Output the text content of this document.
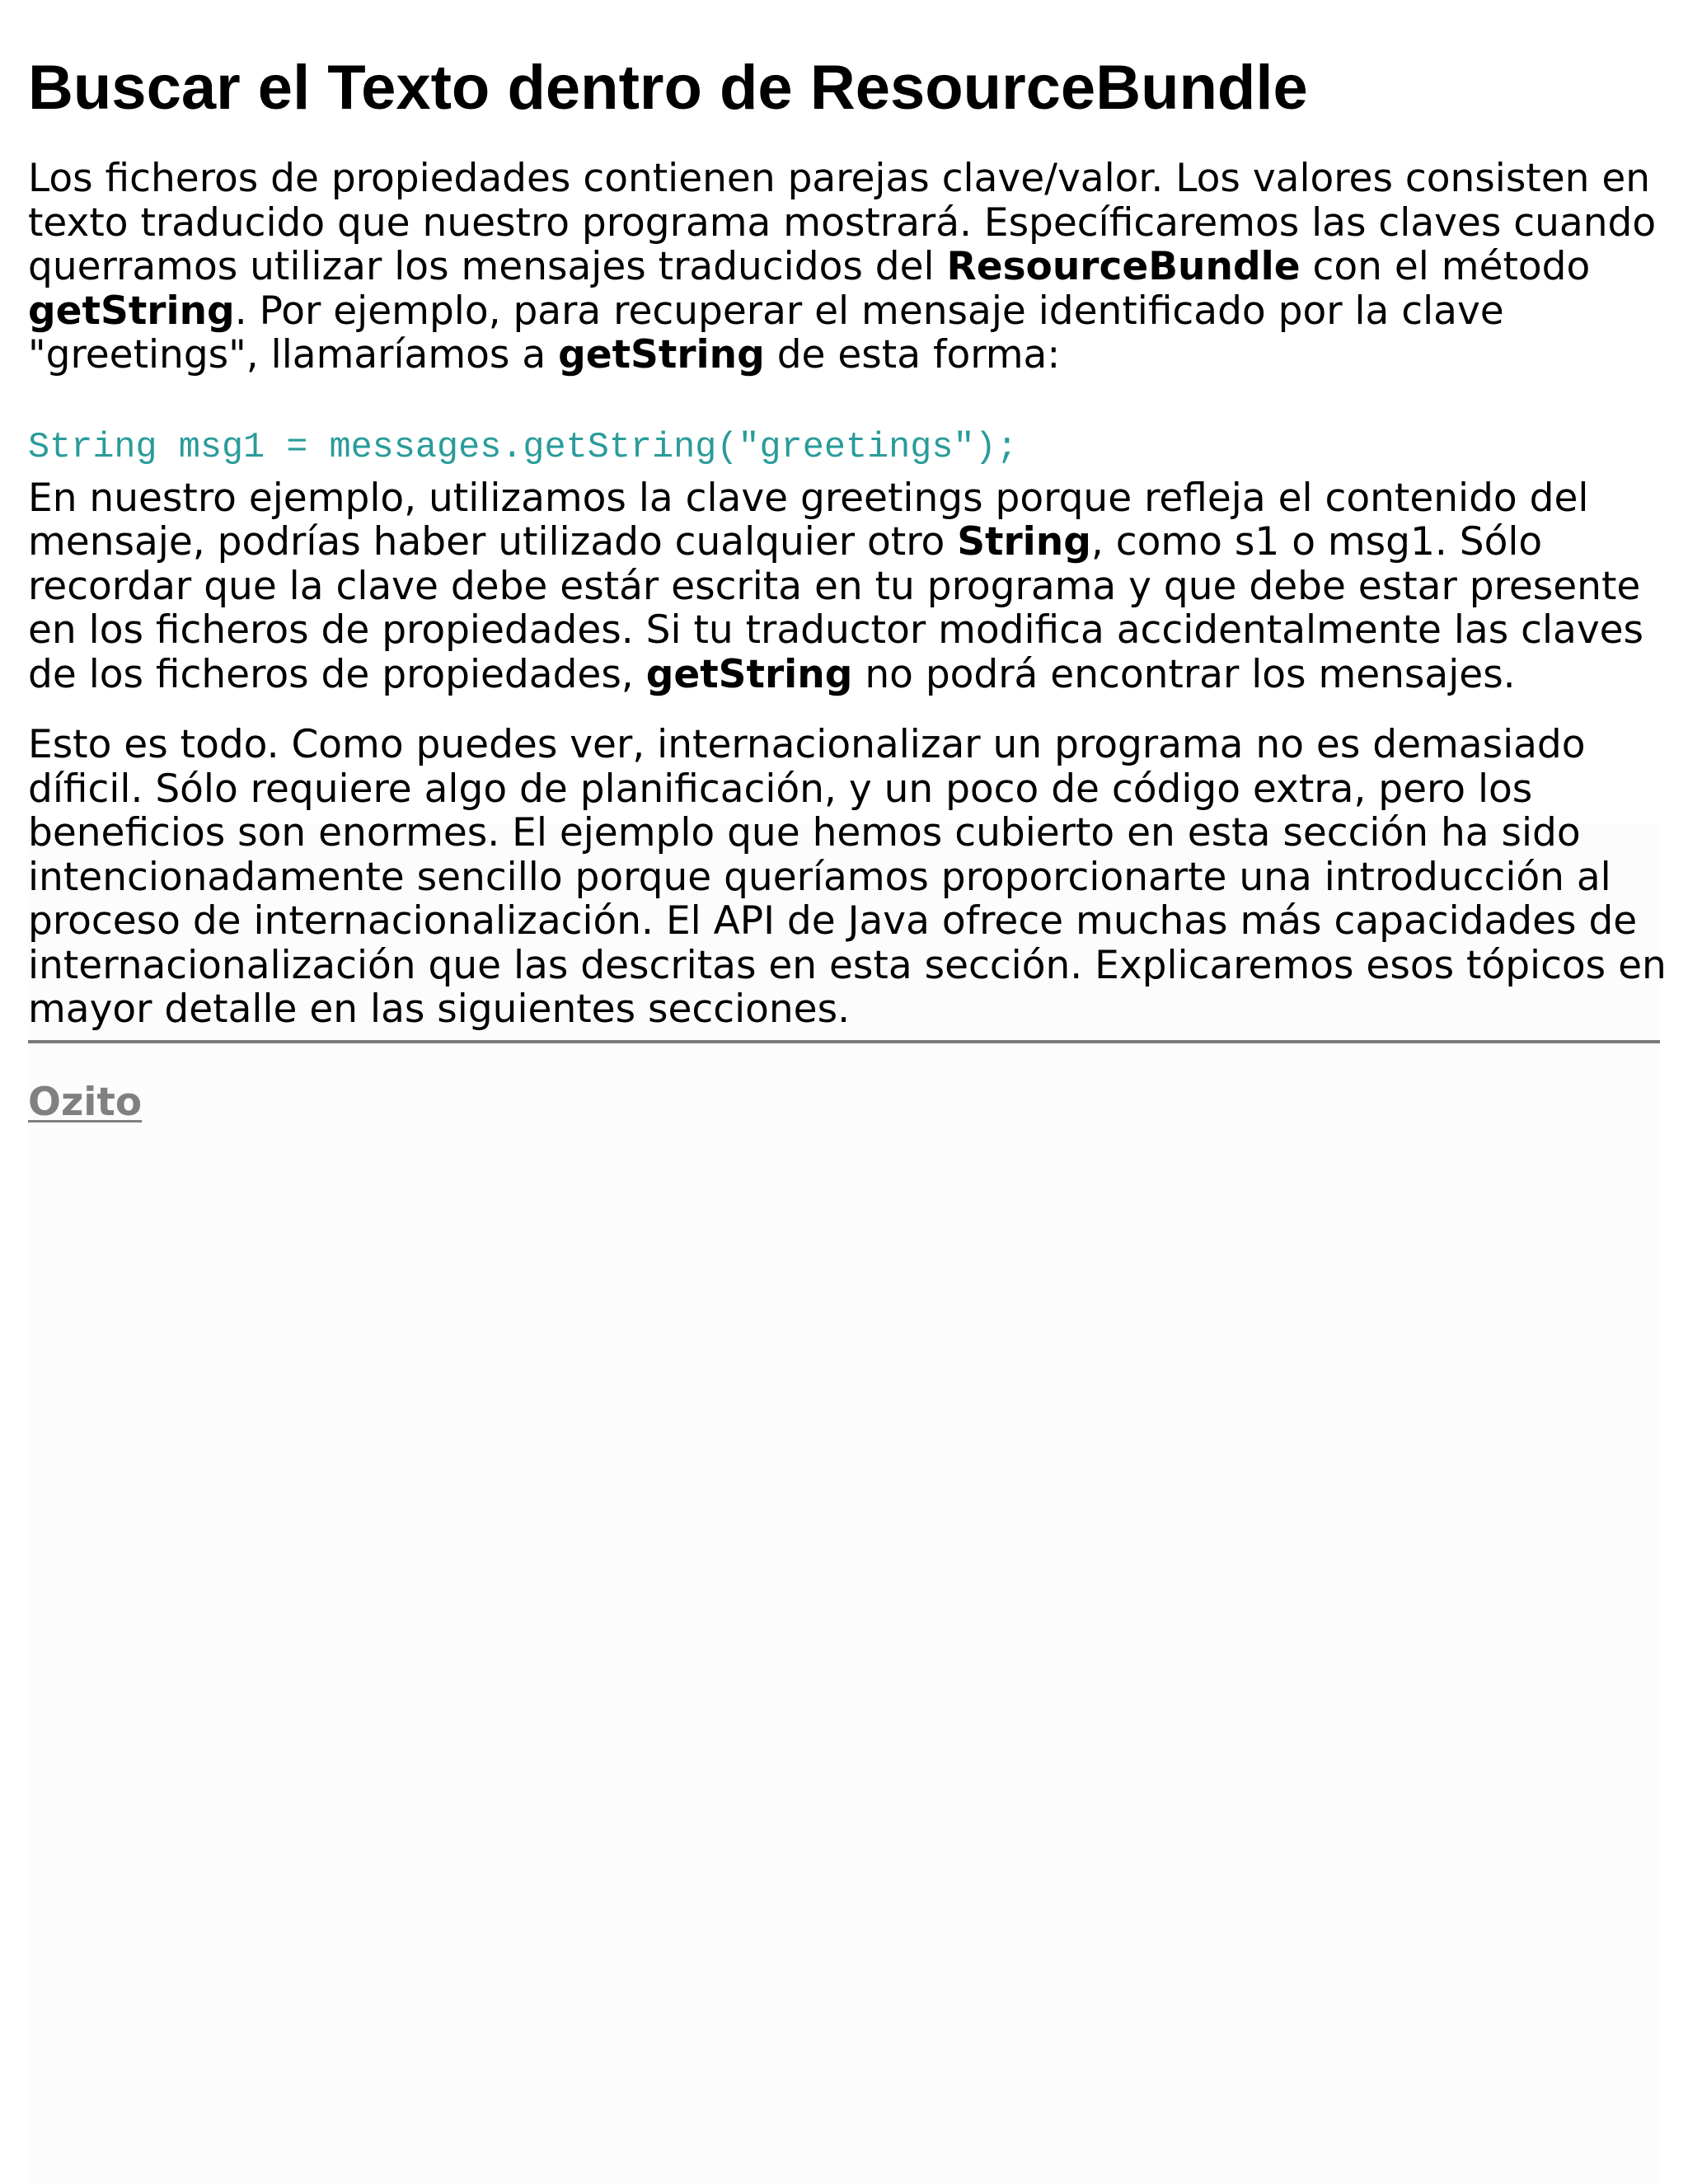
Buscar el Texto dentro de ResourceBundle

Los ficheros de propiedades contienen parejas clave/valor. Los valores consisten en texto traducido que nuestro programa mostrará. Específicaremos las claves cuando querramos utilizar los mensajes traducidos del ResourceBundle con el método getString. Por ejemplo, para recuperar el mensaje identificado por la clave "greetings", llamaríamos a getString de esta forma:

String msg1 = messages.getString("greetings");

En nuestro ejemplo, utilizamos la clave greetings porque refleja el contenido del mensaje, podrías haber utilizado cualquier otro String, como s1 o msg1. Sólo recordar que la clave debe estár escrita en tu programa y que debe estar presente en los ficheros de propiedades. Si tu traductor modifica accidentalmente las claves de los ficheros de propiedades, getString no podrá encontrar los mensajes.

Esto es todo. Como puedes ver, internacionalizar un programa no es demasiado díficil. Sólo requiere algo de planificación, y un poco de código extra, pero los beneficios son enormes. El ejemplo que hemos cubierto en esta sección ha sido intencionadamente sencillo porque queríamos proporcionarte una introducción al proceso de internacionalización. El API de Java ofrece muchas más capacidades de internacionalización que las descritas en esta sección. Explicaremos esos tópicos en mayor detalle en las siguientes secciones.

Ozito
